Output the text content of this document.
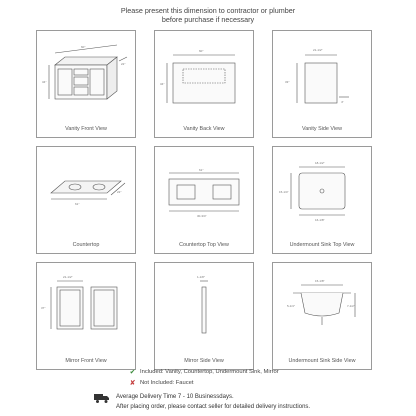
Please present this dimension to contractor or plumber
before purchase if necessary
60"
34"
22"
Vanity Front View
60"
34"
Vanity Back View
21-1/2"
33"
4"
Vanity Side View
61"
22"
Countertop
61"
30-3/4"
Countertop Top View
18-1/2"
15-1/4"
16-1/8"
Undermount Sink Top View
21-1/2"
37"
Mirror Front View
1-1/8"
Mirror Side View
15-1/8"
7-1/2"
5-1/4"
Undermount Sink Side View
✔ Included: Vanity, Countertop, Undermount Sink, Mirror
✘ Not Included: Faucet
Average Delivery Time 7 - 10 Businessdays.
After placing order, please contact seller for detailed delivery instructions.
